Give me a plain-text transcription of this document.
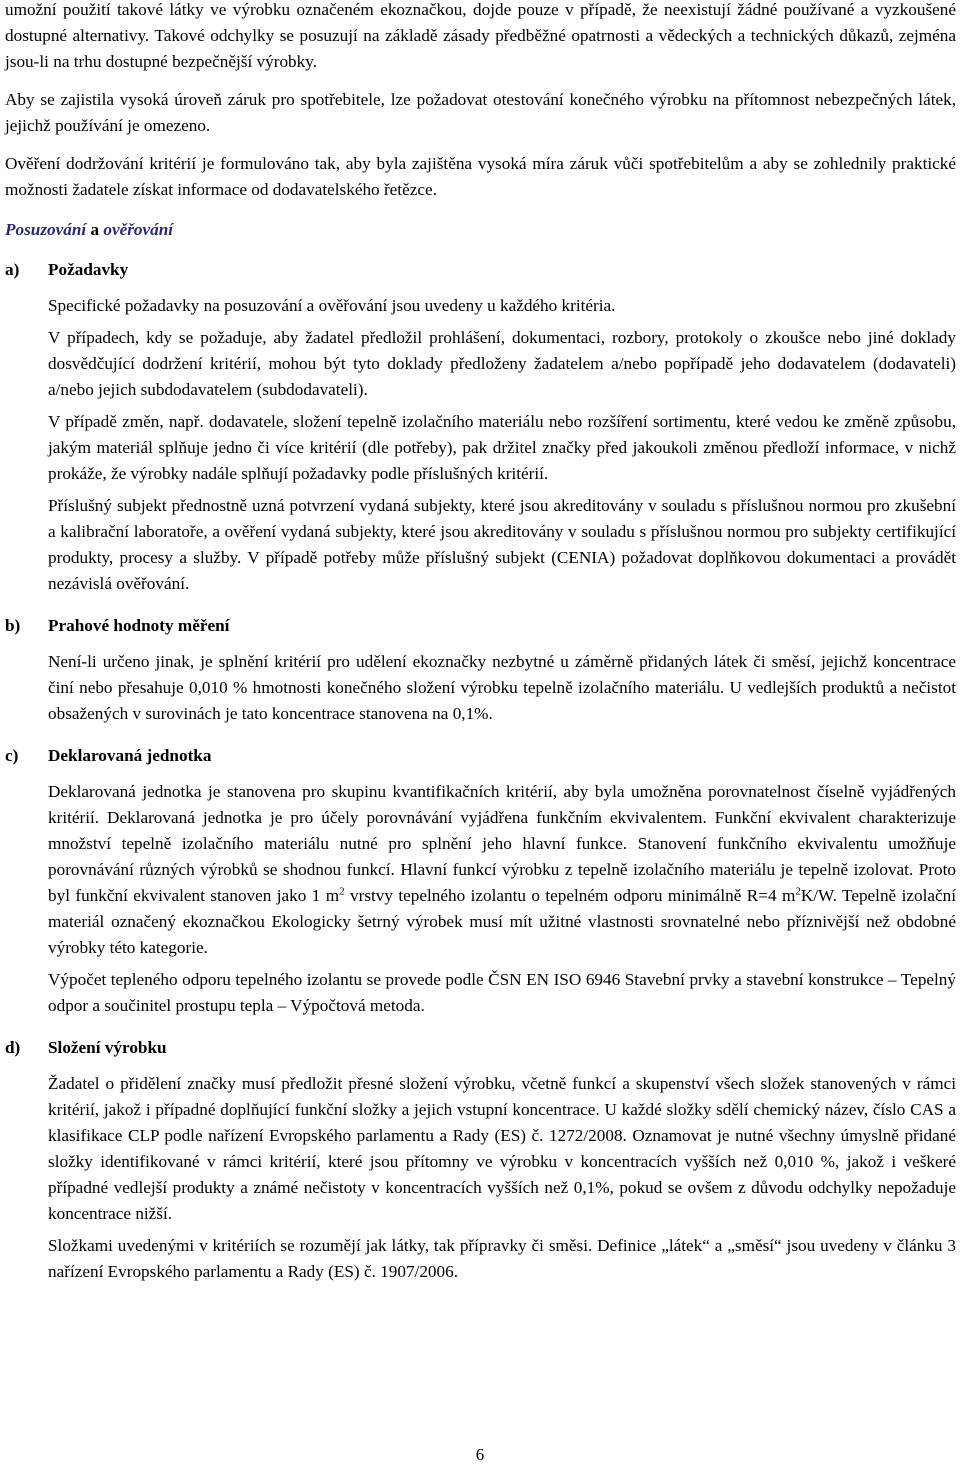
umožní použití takové látky ve výrobku označeném ekoznačkou, dojde pouze v případě, že neexistují žádné používané a vyzkoušené dostupné alternativy. Takové odchylky se posuzují na základě zásady předběžné opatrnosti a vědeckých a technických důkazů, zejména jsou-li na trhu dostupné bezpečnější výrobky.

Aby se zajistila vysoká úroveň záruk pro spotřebitele, lze požadovat otestování konečného výrobku na přítomnost nebezpečných látek, jejichž používání je omezeno.

Ověření dodržování kritérií je formulováno tak, aby byla zajištěna vysoká míra záruk vůči spotřebitelům a aby se zohlednily praktické možnosti žadatele získat informace od dodavatelského řetězce.

Posuzování a ověřování

a)	Požadavky

Specifické požadavky na posuzování a ověřování jsou uvedeny u každého kritéria.

V případech, kdy se požaduje, aby žadatel předložil prohlášení, dokumentaci, rozbory, protokoly o zkoušce nebo jiné doklady dosvědčující dodržení kritérií, mohou být tyto doklady předloženy žadatelem a/nebo popřípadě jeho dodavatelem (dodavateli) a/nebo jejich subdodavatelem (subdodavateli).

V případě změn, např. dodavatele, složení tepelně izolačního materiálu nebo rozšíření sortimentu, které vedou ke změně způsobu, jakým materiál splňuje jedno či více kritérií (dle potřeby), pak držitel značky před jakoukoli změnou předloží informace, v nichž prokáže, že výrobky nadále splňují požadavky podle příslušných kritérií.

Příslušný subjekt přednostně uzná potvrzení vydaná subjekty, které jsou akreditovány v souladu s příslušnou normou pro zkušební a kalibrační laboratoře, a ověření vydaná subjekty, které jsou akreditovány v souladu s příslušnou normou pro subjekty certifikující produkty, procesy a služby. V případě potřeby může příslušný subjekt (CENIA) požadovat doplňkovou dokumentaci a provádět nezávislá ověřování.

b)	Prahové hodnoty měření

Není-li určeno jinak, je splnění kritérií pro udělení ekoznačky nezbytné u záměrně přidaných látek či směsí, jejichž koncentrace činí nebo přesahuje 0,010 % hmotnosti konečného složení výrobku tepelně izolačního materiálu. U vedlejších produktů a nečistot obsažených v surovinách je tato koncentrace stanovena na 0,1%.

c)	Deklarovaná jednotka

Deklarovaná jednotka je stanovena pro skupinu kvantifikačních kritérií, aby byla umožněna porovnatelnost číselně vyjádřených kritérií. Deklarovaná jednotka je pro účely porovnávání vyjádřena funkčním ekvivalentem. Funkční ekvivalent charakterizuje množství tepelně izolačního materiálu nutné pro splnění jeho hlavní funkce. Stanovení funkčního ekvivalentu umožňuje porovnávání různých výrobků se shodnou funkcí. Hlavní funkcí výrobku z tepelně izolačního materiálu je tepelně izolovat. Proto byl funkční ekvivalent stanoven jako 1 $m^2$ vrstvy tepelného izolantu o tepelném odporu minimálně R=4 $m^2K/W$. Tepelně izolační materiál označený ekoznačkou Ekologicky šetrný výrobek musí mít užitné vlastnosti srovnatelné nebo příznivější než obdobné výrobky této kategorie.

Výpočet tepleného odporu tepelného izolantu se provede podle ČSN EN ISO 6946 Stavební prvky a stavební konstrukce – Tepelný odpor a součinitel prostupu tepla – Výpočtová metoda.

d)	Složení výrobku

Žadatel o přidělení značky musí předložit přesné složení výrobku, včetně funkcí a skupenství všech složek stanovených v rámci kritérií, jakož i případné doplňující funkční složky a jejich vstupní koncentrace. U každé složky sdělí chemický název, číslo CAS a klasifikace CLP podle nařízení Evropského parlamentu a Rady (ES) č. 1272/2008. Oznamovat je nutné všechny úmyslně přidané složky identifikované v rámci kritérií, které jsou přítomny ve výrobku v koncentracích vyšších než 0,010 %, jakož i veškeré případné vedlejší produkty a známé nečistoty v koncentracích vyšších než 0,1%, pokud se ovšem z důvodu odchylky nepožaduje koncentrace nižší.

Složkami uvedenými v kritériích se rozumějí jak látky, tak přípravky či směsi. Definice „látek“ a „směsí“ jsou uvedeny v článku 3 nařízení Evropského parlamentu a Rady (ES) č. 1907/2006.

6
